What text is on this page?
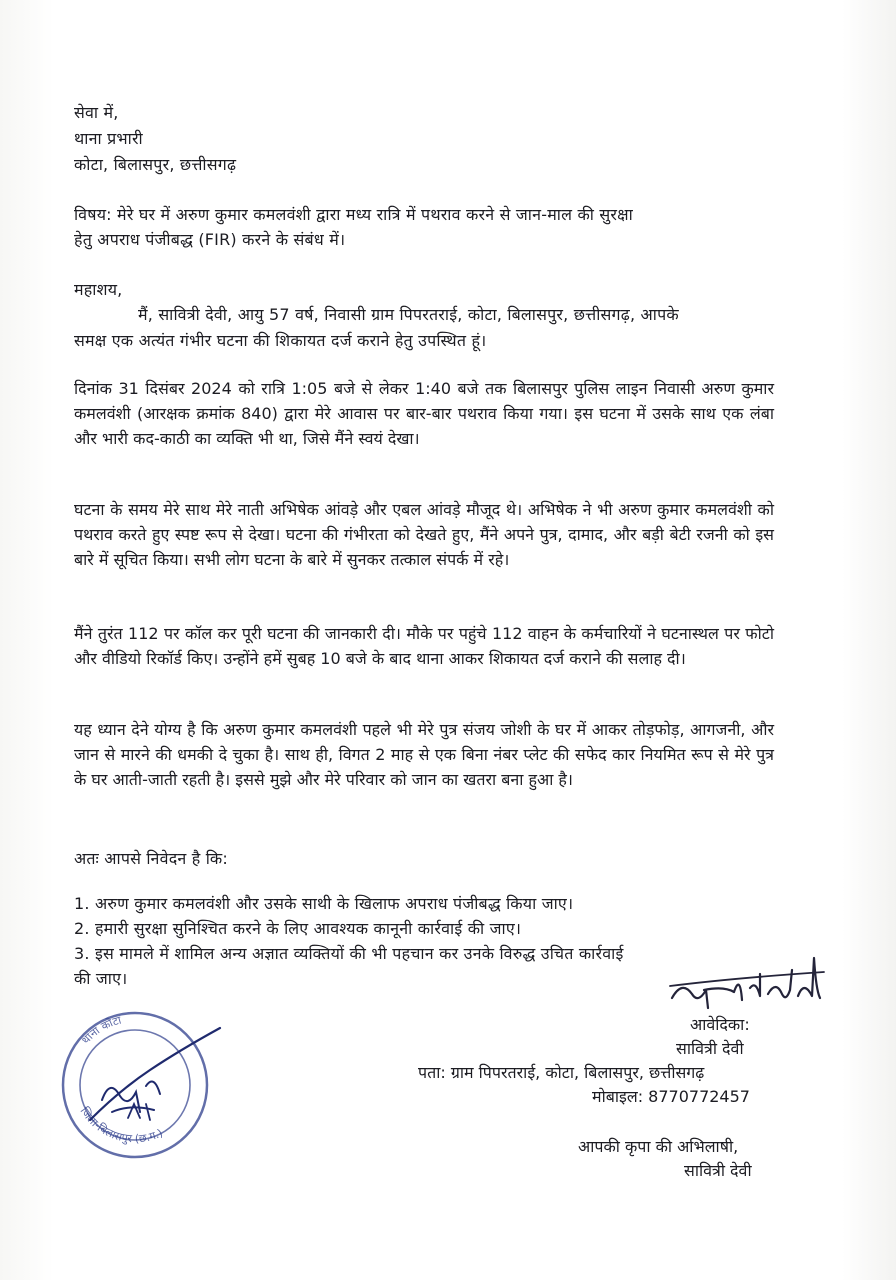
सेवा में,
थाना प्रभारी
कोटा, बिलासपुर, छत्तीसगढ़
विषय: मेरे घर में अरुण कुमार कमलवंशी द्वारा मध्य रात्रि में पथराव करने से जान-माल की सुरक्षा
हेतु अपराध पंजीबद्ध (FIR) करने के संबंध में।
महाशय,
मैं, सावित्री देवी, आयु 57 वर्ष, निवासी ग्राम पिपरतराई, कोटा, बिलासपुर, छत्तीसगढ़, आपके
समक्ष एक अत्यंत गंभीर घटना की शिकायत दर्ज कराने हेतु उपस्थित हूं।
दिनांक 31 दिसंबर 2024 को रात्रि 1:05 बजे से लेकर 1:40 बजे तक बिलासपुर पुलिस लाइन निवासी अरुण कुमार कमलवंशी (आरक्षक क्रमांक 840) द्वारा मेरे आवास पर बार-बार पथराव किया गया। इस घटना में उसके साथ एक लंबा और भारी कद-काठी का व्यक्ति भी था, जिसे मैंने स्वयं देखा।
घटना के समय मेरे साथ मेरे नाती अभिषेक आंवड़े और एबल आंवड़े मौजूद थे। अभिषेक ने भी अरुण कुमार कमलवंशी को पथराव करते हुए स्पष्ट रूप से देखा। घटना की गंभीरता को देखते हुए, मैंने अपने पुत्र, दामाद, और बड़ी बेटी रजनी को इस बारे में सूचित किया। सभी लोग घटना के बारे में सुनकर तत्काल संपर्क में रहे।
मैंने तुरंत 112 पर कॉल कर पूरी घटना की जानकारी दी। मौके पर पहुंचे 112 वाहन के कर्मचारियों ने घटनास्थल पर फोटो और वीडियो रिकॉर्ड किए। उन्होंने हमें सुबह 10 बजे के बाद थाना आकर शिकायत दर्ज कराने की सलाह दी।
यह ध्यान देने योग्य है कि अरुण कुमार कमलवंशी पहले भी मेरे पुत्र संजय जोशी के घर में आकर तोड़फोड़, आगजनी, और जान से मारने की धमकी दे चुका है। साथ ही, विगत 2 माह से एक बिना नंबर प्लेट की सफेद कार नियमित रूप से मेरे पुत्र के घर आती-जाती रहती है। इससे मुझे और मेरे परिवार को जान का खतरा बना हुआ है।
अतः आपसे निवेदन है कि:
1. अरुण कुमार कमलवंशी और उसके साथी के खिलाफ अपराध पंजीबद्ध किया जाए।
2. हमारी सुरक्षा सुनिश्चित करने के लिए आवश्यक कानूनी कार्रवाई की जाए।
3. इस मामले में शामिल अन्य अज्ञात व्यक्तियों की भी पहचान कर उनके विरुद्ध उचित कार्रवाई
की जाए।
आवेदिका:
सावित्री देवी
पता: ग्राम पिपरतराई, कोटा, बिलासपुर, छत्तीसगढ़
मोबाइल: 8770772457
आपकी कृपा की अभिलाषी,
सावित्री देवी
थाना कोटा
जिला-बिलासपुर (छ.ग.)
